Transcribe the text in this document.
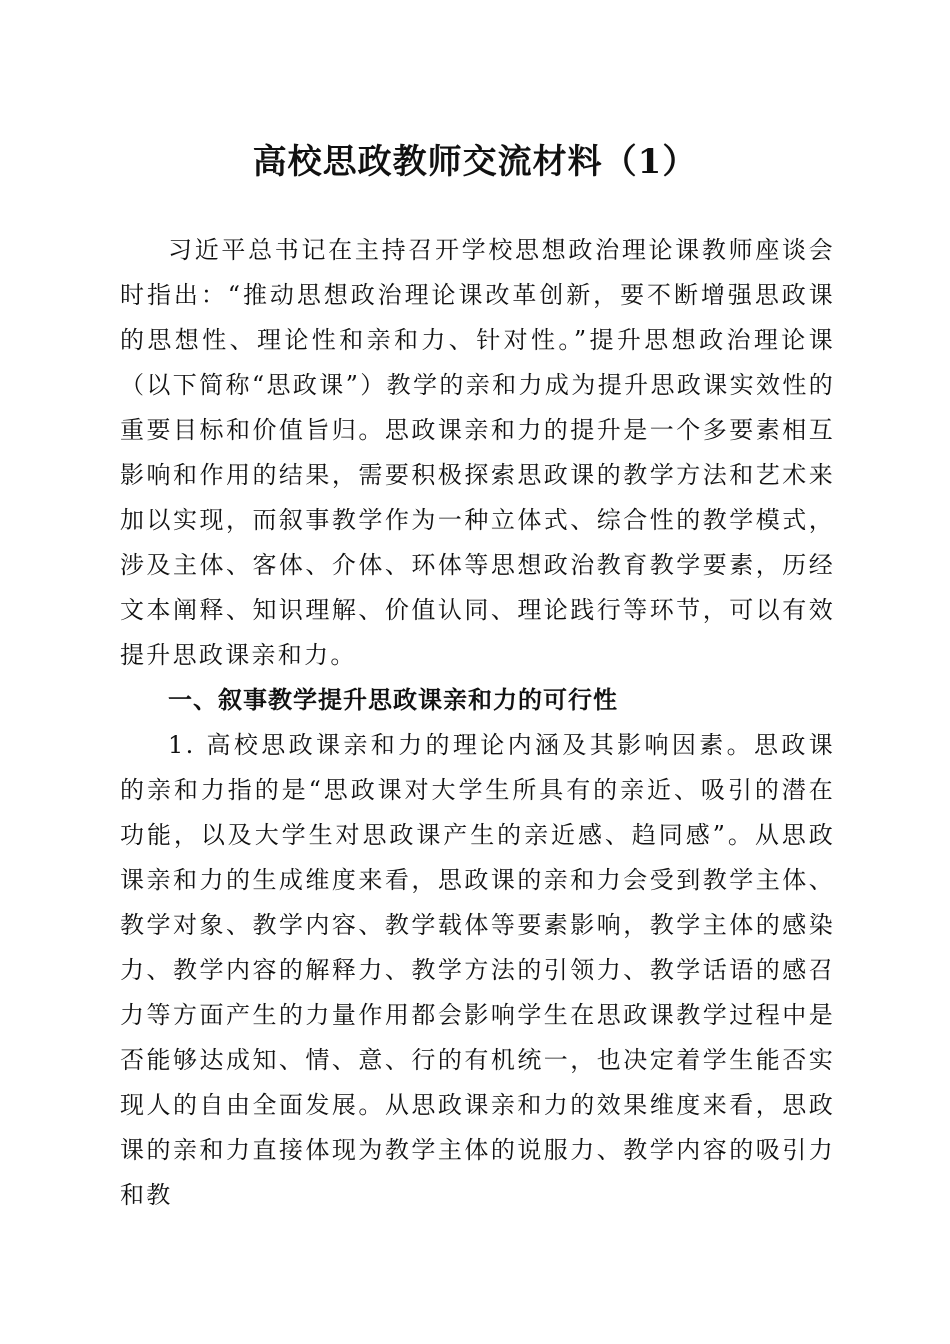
高校思政教师交流材料（1）

习近平总书记在主持召开学校思想政治理论课教师座谈会时指出：“推动思想政治理论课改革创新，要不断增强思政课的思想性、理论性和亲和力、针对性。”提升思想政治理论课（以下简称“思政课”）教学的亲和力成为提升思政课实效性的重要目标和价值旨归。思政课亲和力的提升是一个多要素相互影响和作用的结果，需要积极探索思政课的教学方法和艺术来加以实现，而叙事教学作为一种立体式、综合性的教学模式，涉及主体、客体、介体、环体等思想政治教育教学要素，历经文本阐释、知识理解、价值认同、理论践行等环节，可以有效提升思政课亲和力。

一、叙事教学提升思政课亲和力的可行性

1. 高校思政课亲和力的理论内涵及其影响因素。思政课的亲和力指的是“思政课对大学生所具有的亲近、吸引的潜在功能，以及大学生对思政课产生的亲近感、趋同感”。从思政课亲和力的生成维度来看，思政课的亲和力会受到教学主体、教学对象、教学内容、教学载体等要素影响，教学主体的感染力、教学内容的解释力、教学方法的引领力、教学话语的感召力等方面产生的力量作用都会影响学生在思政课教学过程中是否能够达成知、情、意、行的有机统一，也决定着学生能否实现人的自由全面发展。从思政课亲和力的效果维度来看，思政课的亲和力直接体现为教学主体的说服力、教学内容的吸引力和教
